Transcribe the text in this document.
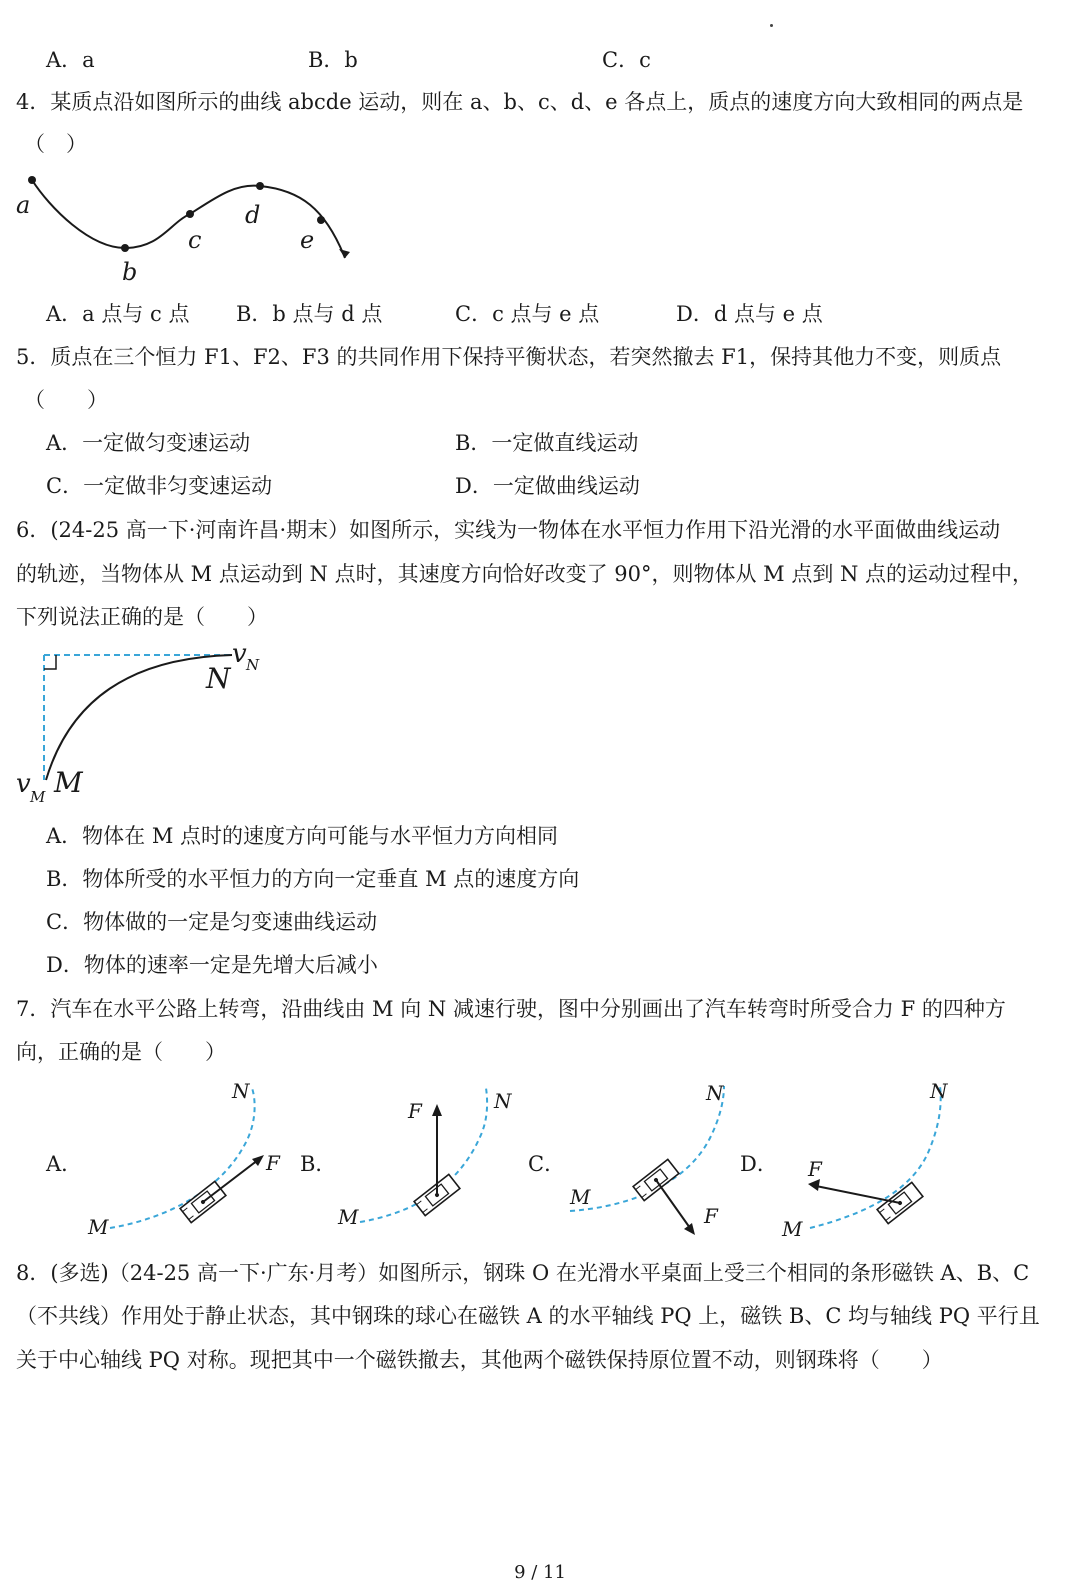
A．a	B．b	C．c
4．某质点沿如图所示的曲线 abcde 运动，则在 a、b、c、d、e 各点上，质点的速度方向大致相同的两点是
（　）
a
b
c
d
e
A．a 点与 c 点 B．b 点与 d 点	C．c 点与 e 点	D．d 点与 e 点
5．质点在三个恒力 F1、F2、F3 的共同作用下保持平衡状态，若突然撤去 F1，保持其他力不变，则质点
（　　）
A．一定做匀变速运动	B．一定做直线运动
C．一定做非匀变速运动	D．一定做曲线运动
6．(24-25 高一下·河南许昌·期末）如图所示，实线为一物体在水平恒力作用下沿光滑的水平面做曲线运动
的轨迹，当物体从 M 点运动到 N 点时，其速度方向恰好改变了 90°，则物体从 M 点到 N 点的运动过程中，
下列说法正确的是（　　）
v N
N
v M M
A．物体在 M 点时的速度方向可能与水平恒力方向相同
B．物体所受的水平恒力的方向一定垂直 M 点的速度方向
C．物体做的一定是匀变速曲线运动
D．物体的速率一定是先增大后减小
7．汽车在水平公路上转弯，沿曲线由 M 向 N 减速行驶，图中分别画出了汽车转弯时所受合力 F 的四种方
向，正确的是（　　）
A．	B．	C．	D．
M
N
F
M
N
F
M
N
F
M
N
F
8．(多选)（24-25 高一下·广东·月考）如图所示，钢珠 O 在光滑水平桌面上受三个相同的条形磁铁 A、B、C
（不共线）作用处于静止状态，其中钢珠的球心在磁铁 A 的水平轴线 PQ 上，磁铁 B、C 均与轴线 PQ 平行且
关于中心轴线 PQ 对称。现把其中一个磁铁撤去，其他两个磁铁保持原位置不动，则钢珠将（　　）
9 / 11
